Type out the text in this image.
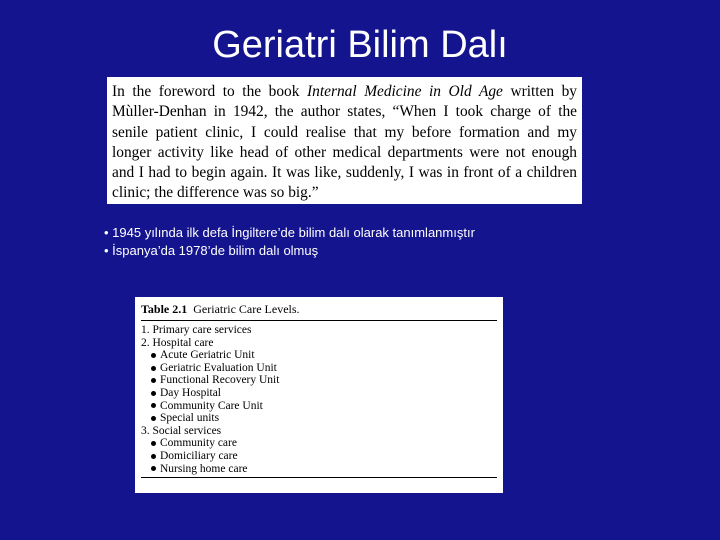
Geriatri Bilim Dalı
In the foreword to the book Internal Medicine in Old Age written by Mùller-Denhan in 1942, the author states, “When I took charge of the senile patient clinic, I could realise that my before formation and my longer activity like head of other medical departments were not enough and I had to begin again. It was like, suddenly, I was in front of a children clinic; the difference was so big.”
• 1945 yılında ilk defa İngiltere’de bilim dalı olarak tanımlanmıştır
• İspanya’da 1978’de bilim dalı olmuş
Table 2.1 Geriatric Care Levels.
1. Primary care services
2. Hospital care
Acute Geriatric Unit
Geriatric Evaluation Unit
Functional Recovery Unit
Day Hospital
Community Care Unit
Special units
3. Social services
Community care
Domiciliary care
Nursing home care
